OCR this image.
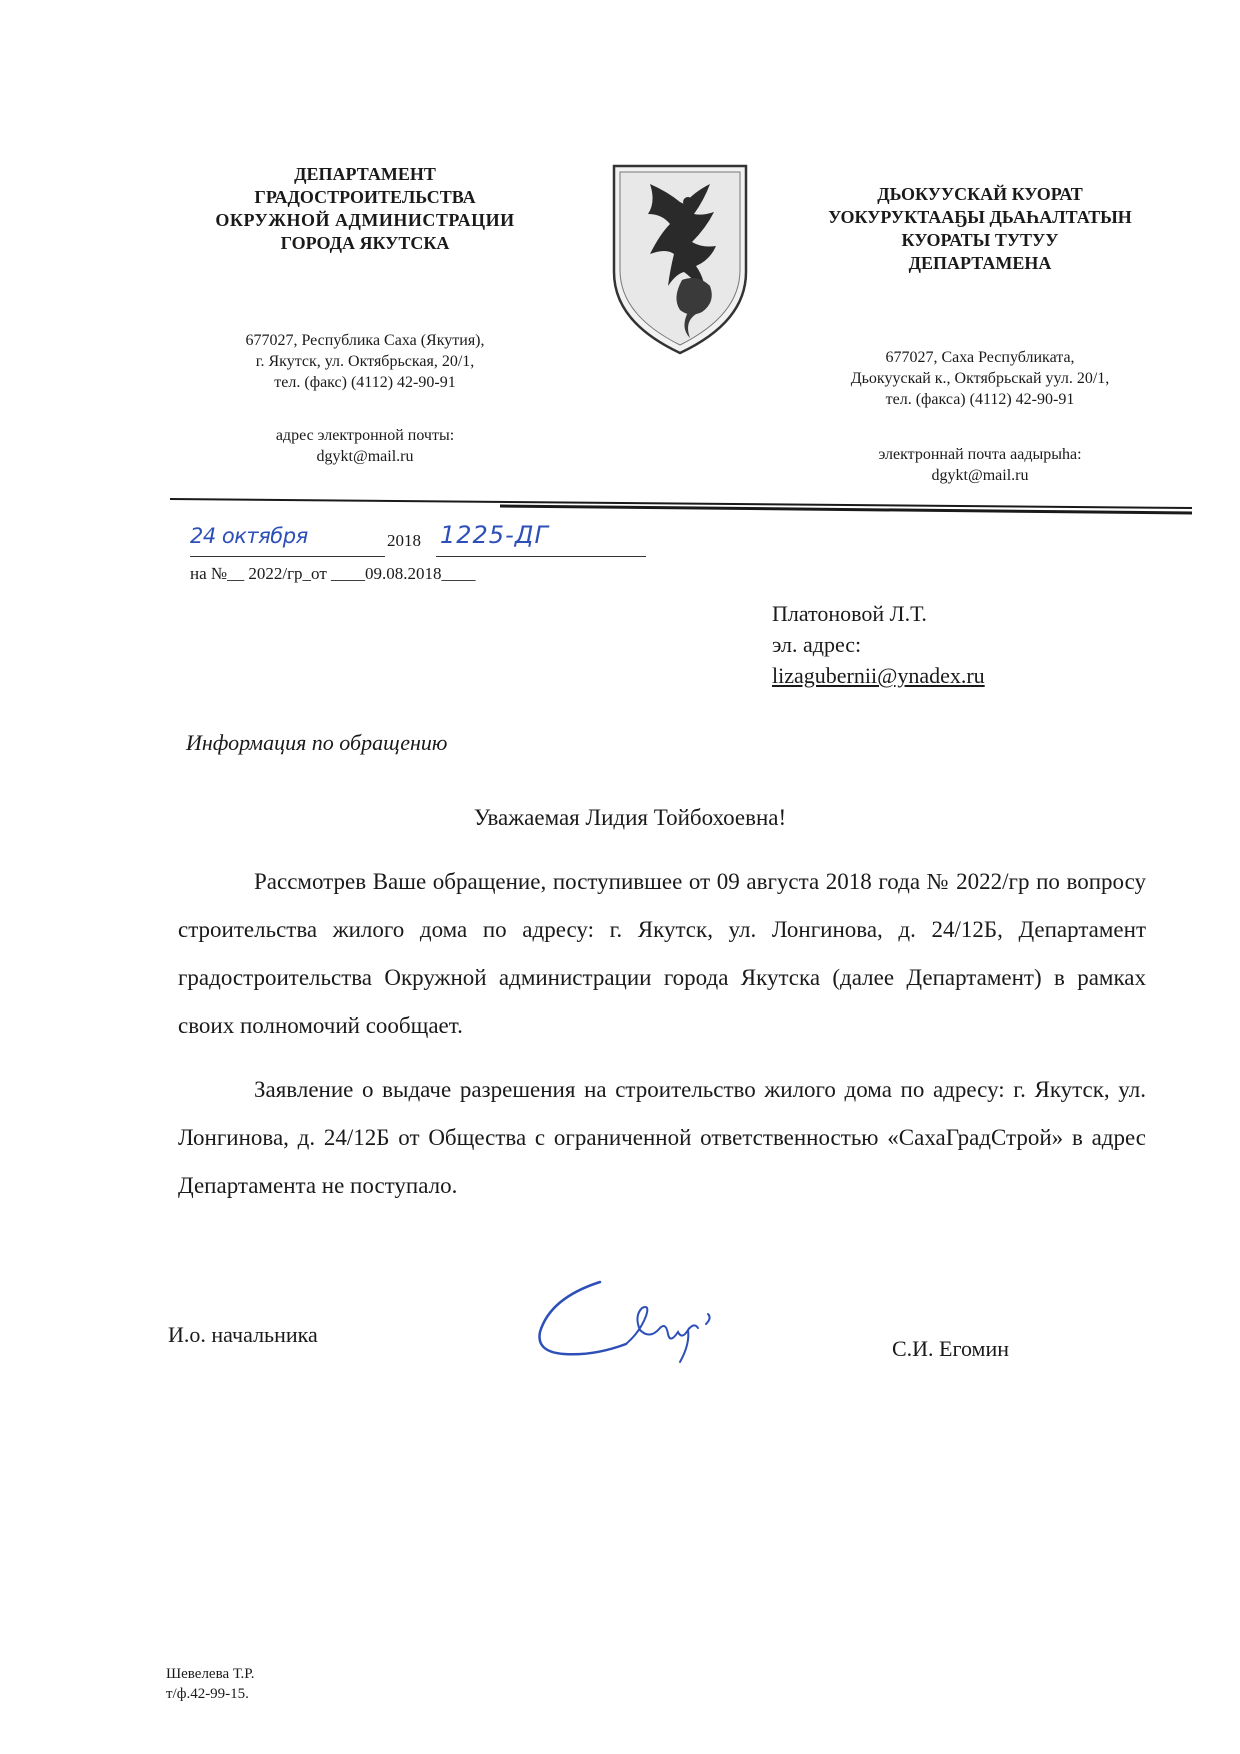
ДЕПАРТАМЕНТ
ГРАДОСТРОИТЕЛЬСТВА
ОКРУЖНОЙ АДМИНИСТРАЦИИ
ГОРОДА ЯКУТСКА
677027, Республика Саха (Якутия),
г. Якутск, ул. Октябрьская, 20/1,
тел. (факс) (4112) 42-90-91
адрес электронной почты:
dgykt@mail.ru
ДЬОКУУСКАЙ КУОРАТ
УОКУРУКТААҔЫ ДЬАҺАЛТАТЫН
КУОРАТЫ ТУТУУ
ДЕПАРТАМЕНА
677027, Саха Республиката,
Дьокуускай к., Октябрьскай уул. 20/1,
тел. (факса) (4112) 42-90-91
электроннай почта аадырыһа:
dgykt@mail.ru
24 октября	2018 1225-ДГ
на №__ 2022/гр_от ____09.08.2018____
Платоновой Л.Т.
эл. адрес:
lizagubernii@ynadex.ru
Информация по обращению
Уважаемая Лидия Тойбохоевна!

Рассмотрев Ваше обращение, поступившее от 09 августа 2018 года № 2022/гр по вопросу строительства жилого дома по адресу: г. Якутск, ул. Лонгинова, д. 24/12Б, Департамент градостроительства Окружной администрации города Якутска (далее Департамент) в рамках своих полномочий сообщает.

Заявление о выдаче разрешения на строительство жилого дома по адресу: г. Якутск, ул. Лонгинова, д. 24/12Б от Общества с ограниченной ответственностью «СахаГрадСтрой» в адрес Департамента не поступало.

И.о. начальника
С.И. Егомин
Шевелева Т.Р.
т/ф.42-99-15.
